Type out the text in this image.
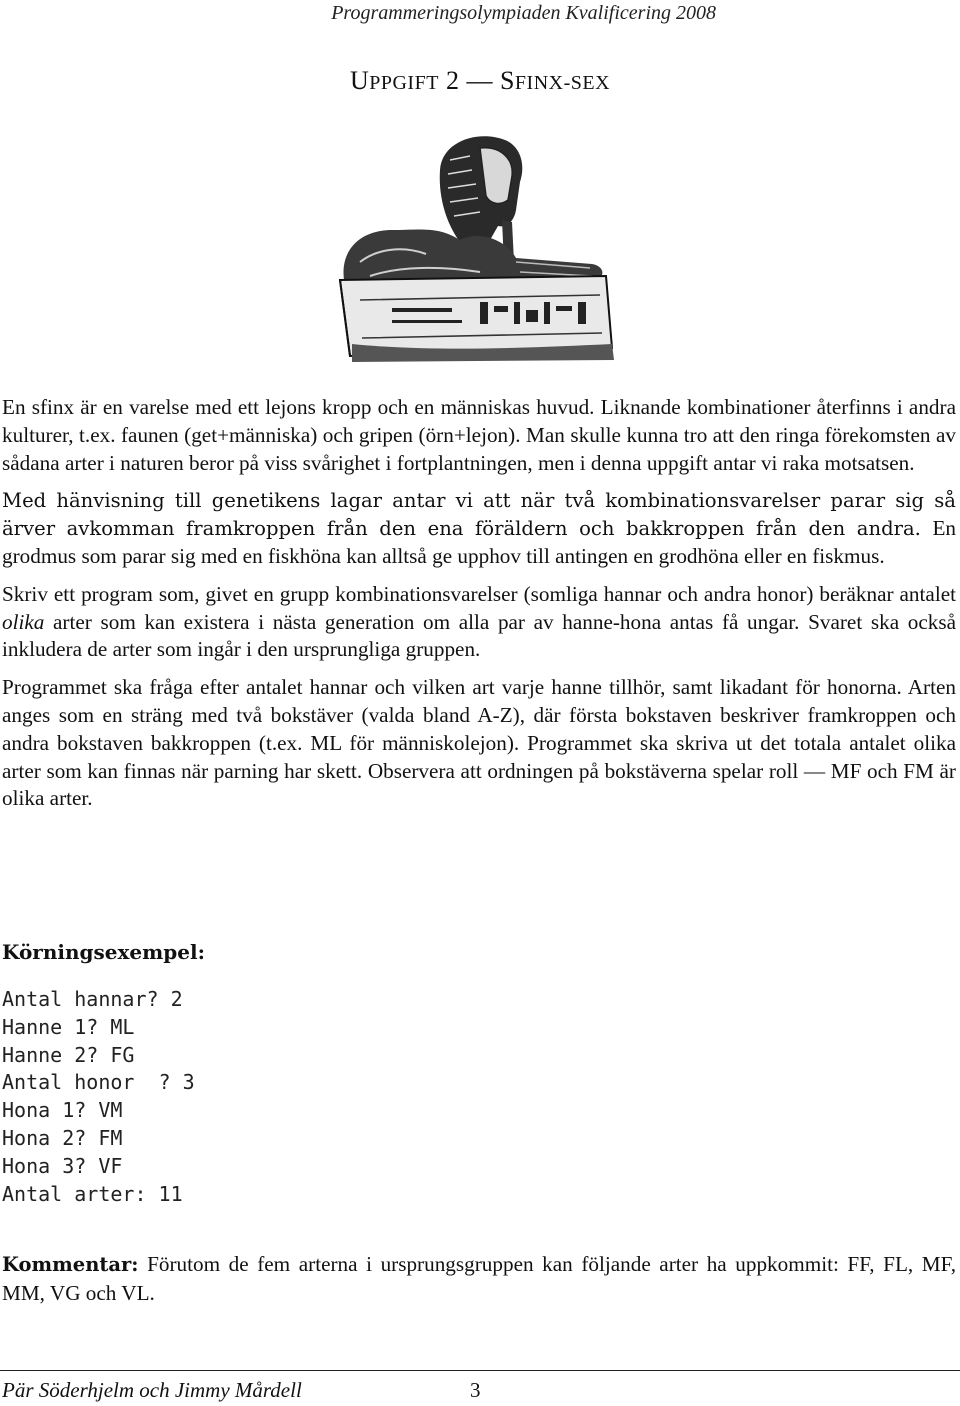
Programmeringsolympiaden Kvalificering 2008
UPPGIFT 2 — SFINX-SEX

En sfinx är en varelse med ett lejons kropp och en människas huvud. Liknande kombinationer återfinns i andra kulturer, t.ex. faunen (get+människa) och gripen (örn+lejon). Man skulle kunna tro att den ringa förekomsten av sådana arter i naturen beror på viss svårighet i fortplantningen, men i denna uppgift antar vi raka motsatsen.

Med hänvisning till genetikens lagar antar vi att när två kombinationsvarelser parar sig så ärver avkomman framkroppen från den ena föräldern och bakkroppen från den andra. En grodmus som parar sig med en fiskhöna kan alltså ge upphov till antingen en grodhöna eller en fiskmus.

Skriv ett program som, givet en grupp kombinationsvarelser (somliga hannar och andra honor) beräknar antalet olika arter som kan existera i nästa generation om alla par av hanne-hona antas få ungar. Svaret ska också inkludera de arter som ingår i den ursprungliga gruppen.

Programmet ska fråga efter antalet hannar och vilken art varje hanne tillhör, samt likadant för honorna. Arten anges som en sträng med två bokstäver (valda bland A-Z), där första bokstaven beskriver framkroppen och andra bokstaven bakkroppen (t.ex. ML för människolejon). Programmet ska skriva ut det totala antalet olika arter som kan finnas när parning har skett. Observera att ordningen på bokstäverna spelar roll — MF och FM är olika arter.

Körningsexempel:
Antal hannar? 2
Hanne 1? ML
Hanne 2? FG
Antal honor  ? 3
Hona 1? VM
Hona 2? FM
Hona 3? VF
Antal arter: 11
Kommentar: Förutom de fem arterna i ursprungsgruppen kan följande arter ha uppkommit: FF, FL, MF, MM, VG och VL.
Pär Söderhjelm och Jimmy Mårdell	3
